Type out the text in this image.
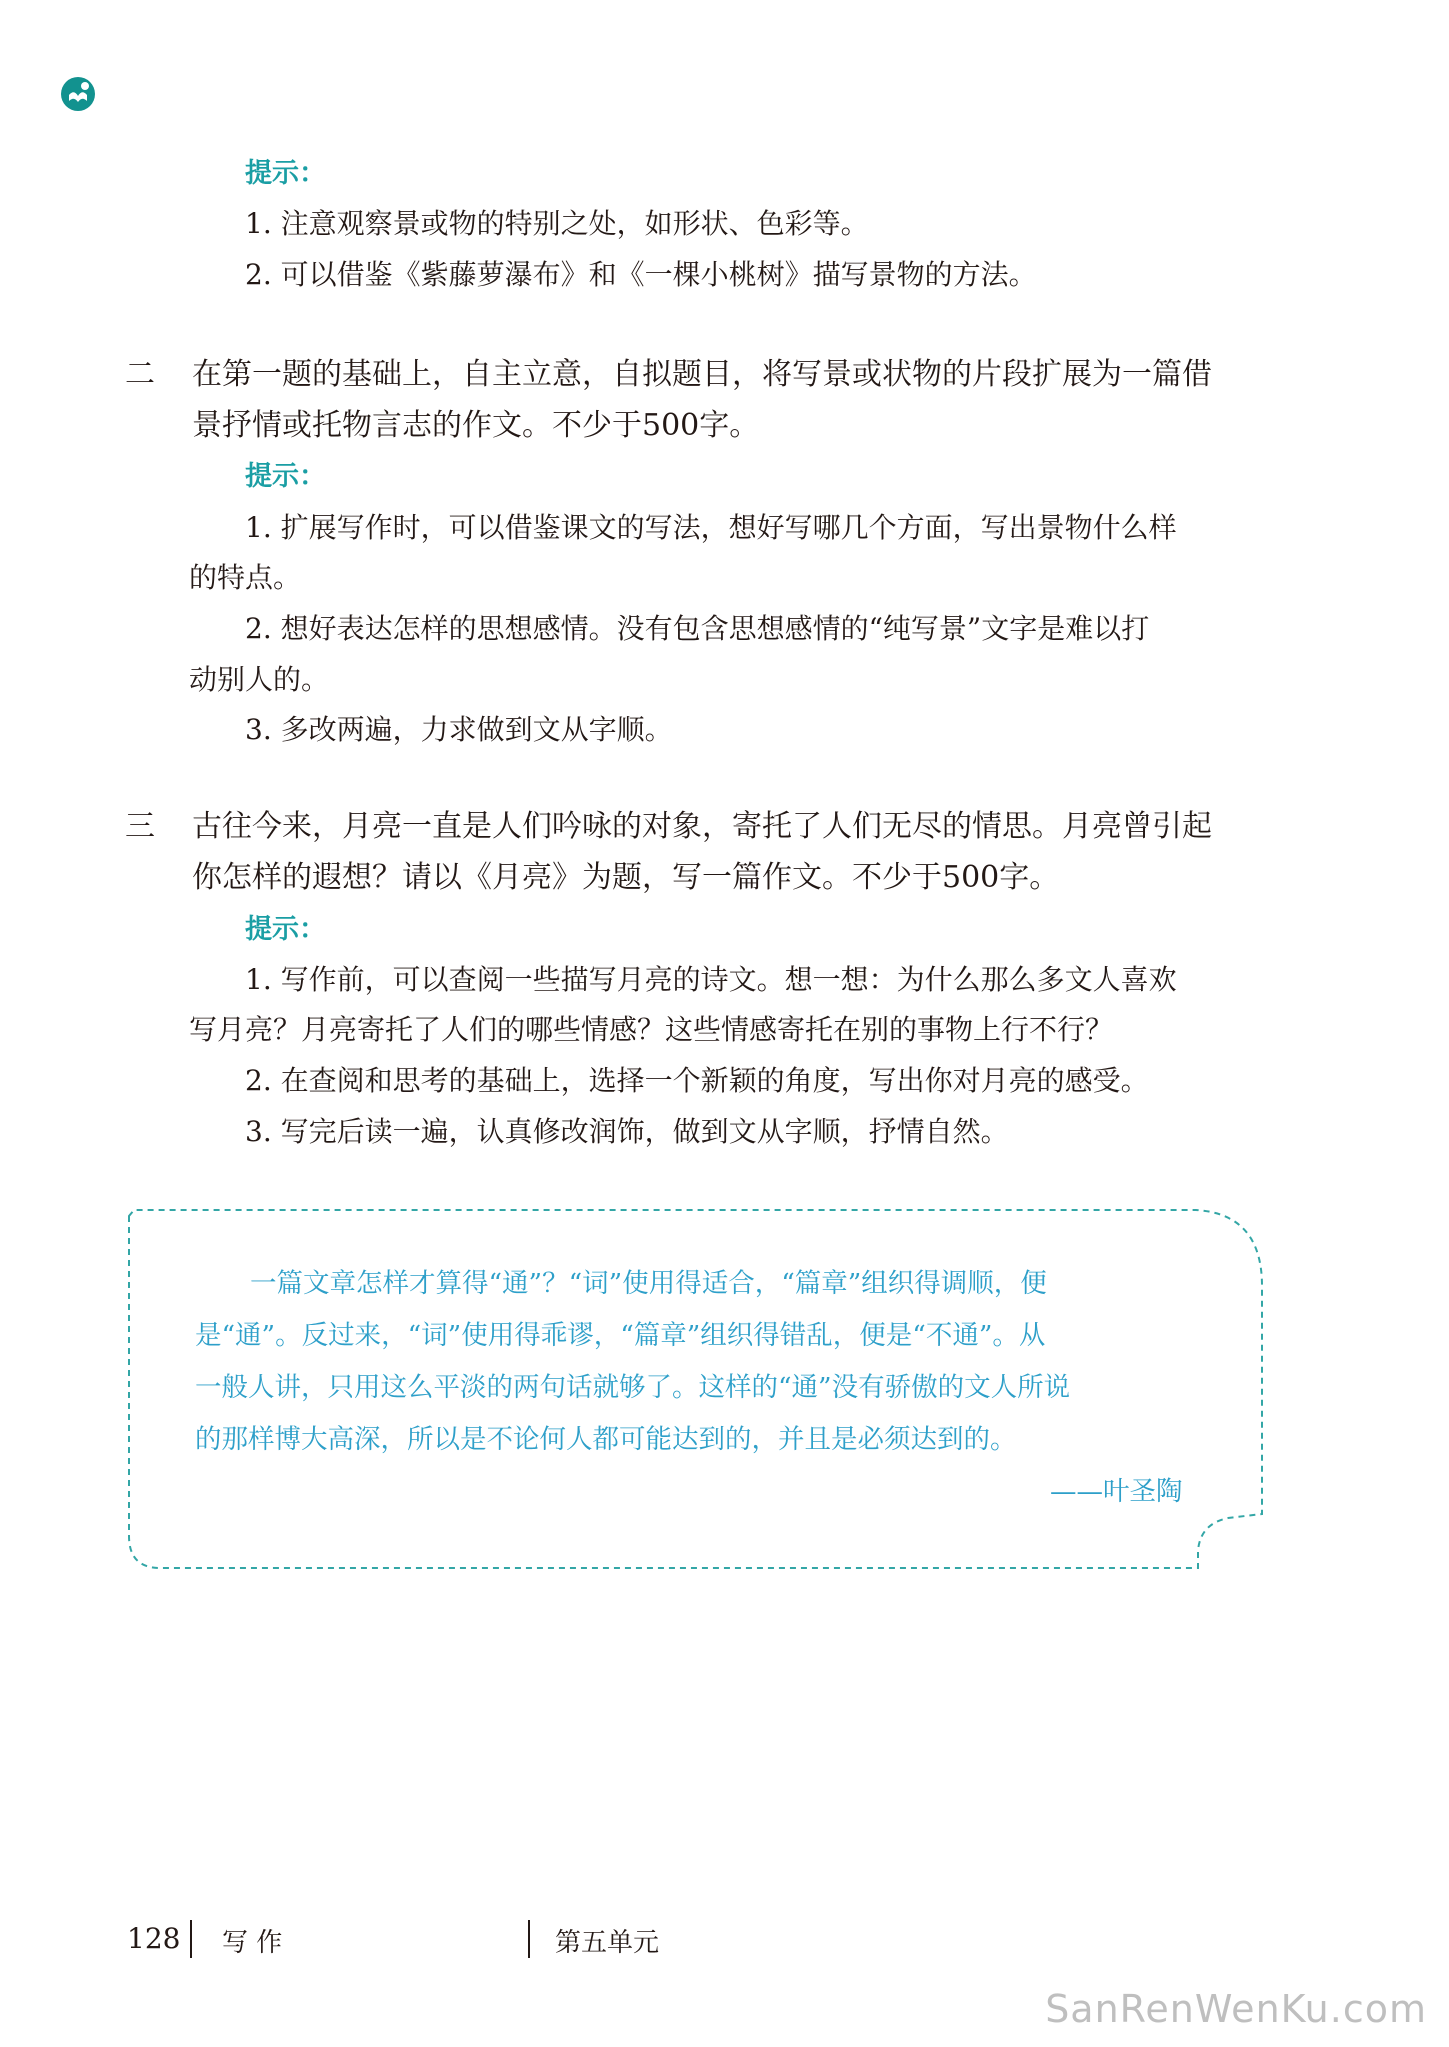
提示：
1. 注意观察景或物的特别之处，如形状、色彩等。
2. 可以借鉴《紫藤萝瀑布》和《一棵小桃树》描写景物的方法。
二 在第一题的基础上，自主立意，自拟题目，将写景或状物的片段扩展为一篇借
景抒情或托物言志的作文。不少于500字。
提示：
1. 扩展写作时，可以借鉴课文的写法，想好写哪几个方面，写出景物什么样
的特点。
2. 想好表达怎样的思想感情。没有包含思想感情的“纯写景”文字是难以打
动别人的。
3. 多改两遍，力求做到文从字顺。
三 古往今来，月亮一直是人们吟咏的对象，寄托了人们无尽的情思。月亮曾引起
你怎样的遐想？请以《月亮》为题，写一篇作文。不少于500字。
提示：
1. 写作前，可以查阅一些描写月亮的诗文。想一想：为什么那么多文人喜欢
写月亮？月亮寄托了人们的哪些情感？这些情感寄托在别的事物上行不行？
2. 在查阅和思考的基础上，选择一个新颖的角度，写出你对月亮的感受。
3. 写完后读一遍，认真修改润饰，做到文从字顺，抒情自然。
一篇文章怎样才算得“通”？“词”使用得适合，“篇章”组织得调顺，便
是“通”。反过来，“词”使用得乖谬，“篇章”组织得错乱，便是“不通”。从
一般人讲，只用这么平淡的两句话就够了。这样的“通”没有骄傲的文人所说
的那样博大高深，所以是不论何人都可能达到的，并且是必须达到的。
——叶圣陶
128 写 作	第五单元
SanRenWenKu.com
